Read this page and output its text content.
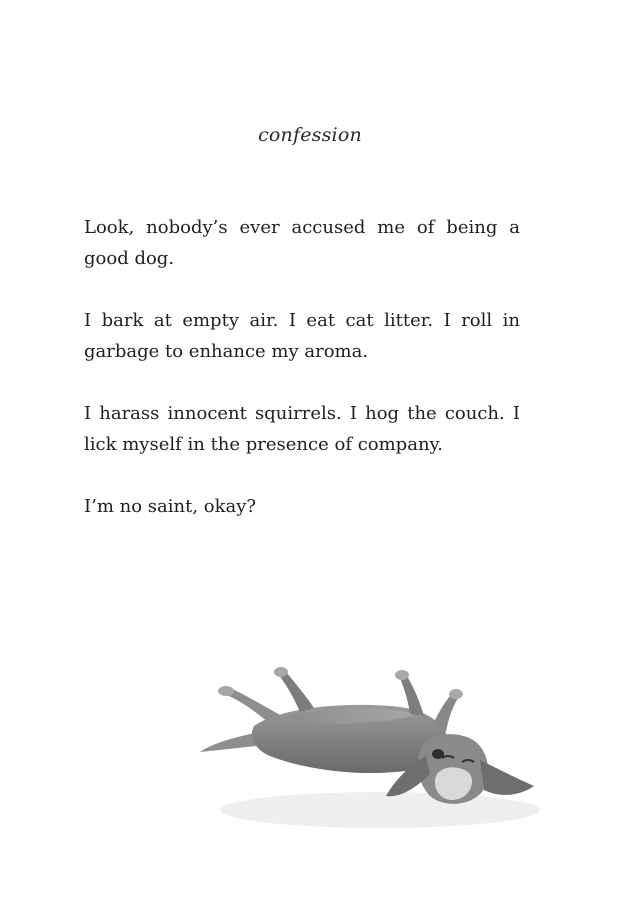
confession

Look, nobody’s ever accused me of being a good dog.

I bark at empty air. I eat cat litter. I roll in garbage to enhance my aroma.

I harass innocent squirrels. I hog the couch. I lick myself in the presence of company.

I’m no saint, okay?
